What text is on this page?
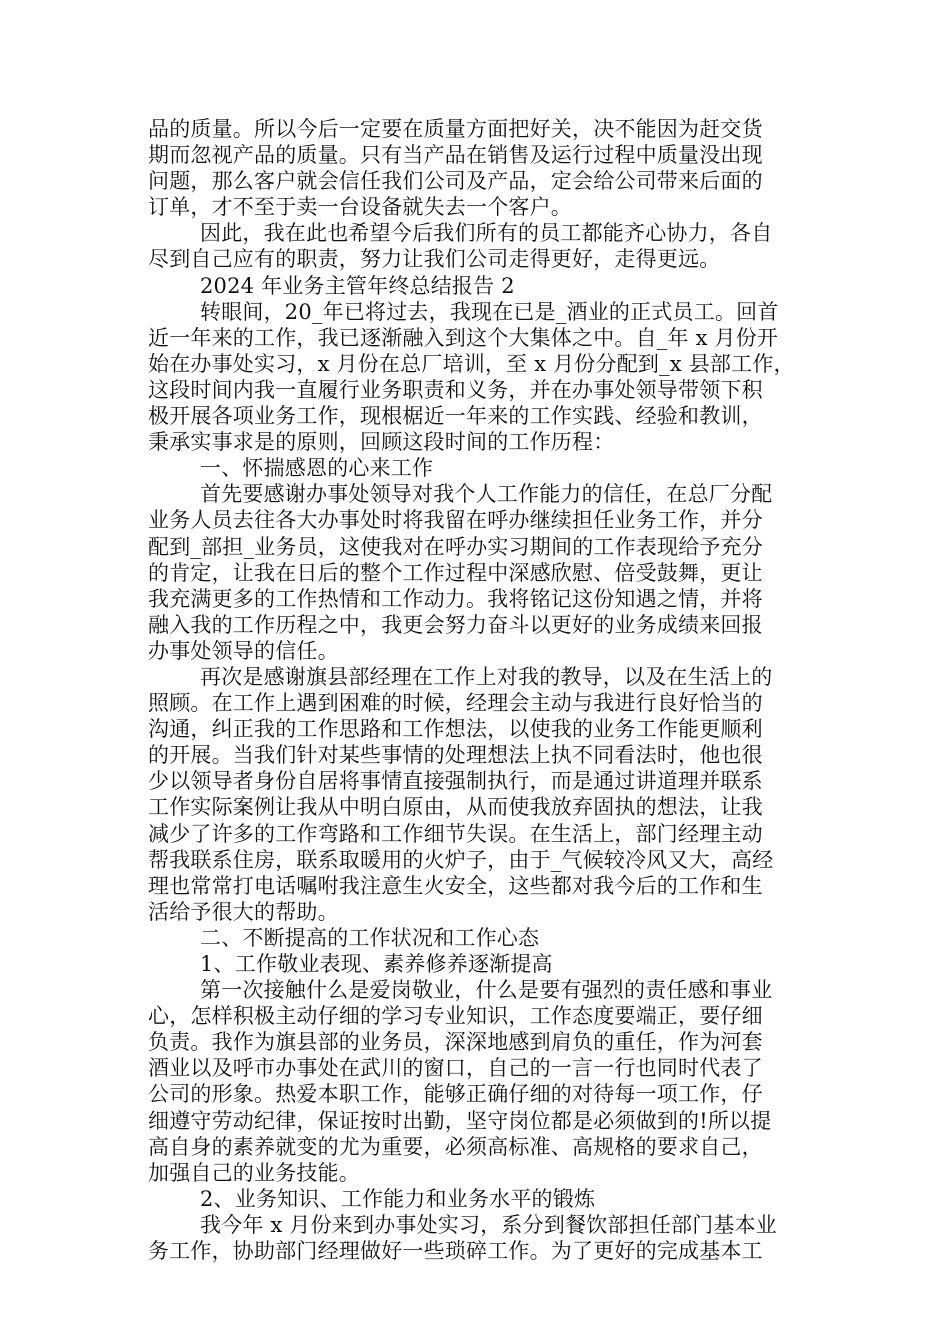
品的质量。所以今后一定要在质量方面把好关，决不能因为赶交货
期而忽视产品的质量。只有当产品在销售及运行过程中质量没出现
问题，那么客户就会信任我们公司及产品，定会给公司带来后面的
订单，才不至于卖一台设备就失去一个客户。
因此，我在此也希望今后我们所有的员工都能齐心协力，各自
尽到自己应有的职责，努力让我们公司走得更好，走得更远。
2024 年业务主管年终总结报告 2
转眼间，20_年已将过去，我现在已是_酒业的正式员工。回首
近一年来的工作，我已逐渐融入到这个大集体之中。自_年 x 月份开
始在办事处实习，x 月份在总厂培训，至 x 月份分配到_x 县部工作，
这段时间内我一直履行业务职责和义务，并在办事处领导带领下积
极开展各项业务工作，现根椐近一年来的工作实践、经验和教训，
秉承实事求是的原则，回顾这段时间的工作历程：
一、怀揣感恩的心来工作
首先要感谢办事处领导对我个人工作能力的信任，在总厂分配
业务人员去往各大办事处时将我留在呼办继续担任业务工作，并分
配到_部担_业务员，这使我对在呼办实习期间的工作表现给予充分
的肯定，让我在日后的整个工作过程中深感欣慰、倍受鼓舞，更让
我充满更多的工作热情和工作动力。我将铭记这份知遇之情，并将
融入我的工作历程之中，我更会努力奋斗以更好的业务成绩来回报
办事处领导的信任。
再次是感谢旗县部经理在工作上对我的教导，以及在生活上的
照顾。在工作上遇到困难的时候，经理会主动与我进行良好恰当的
沟通，纠正我的工作思路和工作想法，以使我的业务工作能更顺利
的开展。当我们针对某些事情的处理想法上执不同看法时，他也很
少以领导者身份自居将事情直接强制执行，而是通过讲道理并联系
工作实际案例让我从中明白原由，从而使我放弃固执的想法，让我
减少了许多的工作弯路和工作细节失误。在生活上，部门经理主动
帮我联系住房，联系取暖用的火炉子，由于_气候较冷风又大，高经
理也常常打电话嘱咐我注意生火安全，这些都对我今后的工作和生
活给予很大的帮助。
二、不断提高的工作状况和工作心态
1、工作敬业表现、素养修养逐渐提高
第一次接触什么是爱岗敬业，什么是要有强烈的责任感和事业
心，怎样积极主动仔细的学习专业知识，工作态度要端正，要仔细
负责。我作为旗县部的业务员，深深地感到肩负的重任，作为河套
酒业以及呼市办事处在武川的窗口，自己的一言一行也同时代表了
公司的形象。热爱本职工作，能够正确仔细的对待每一项工作，仔
细遵守劳动纪律，保证按时出勤，坚守岗位都是必须做到的!所以提
高自身的素养就变的尤为重要，必须高标准、高规格的要求自己，
加强自己的业务技能。
2、业务知识、工作能力和业务水平的锻炼
我今年 x 月份来到办事处实习，系分到餐饮部担任部门基本业
务工作，协助部门经理做好一些琐碎工作。为了更好的完成基本工
